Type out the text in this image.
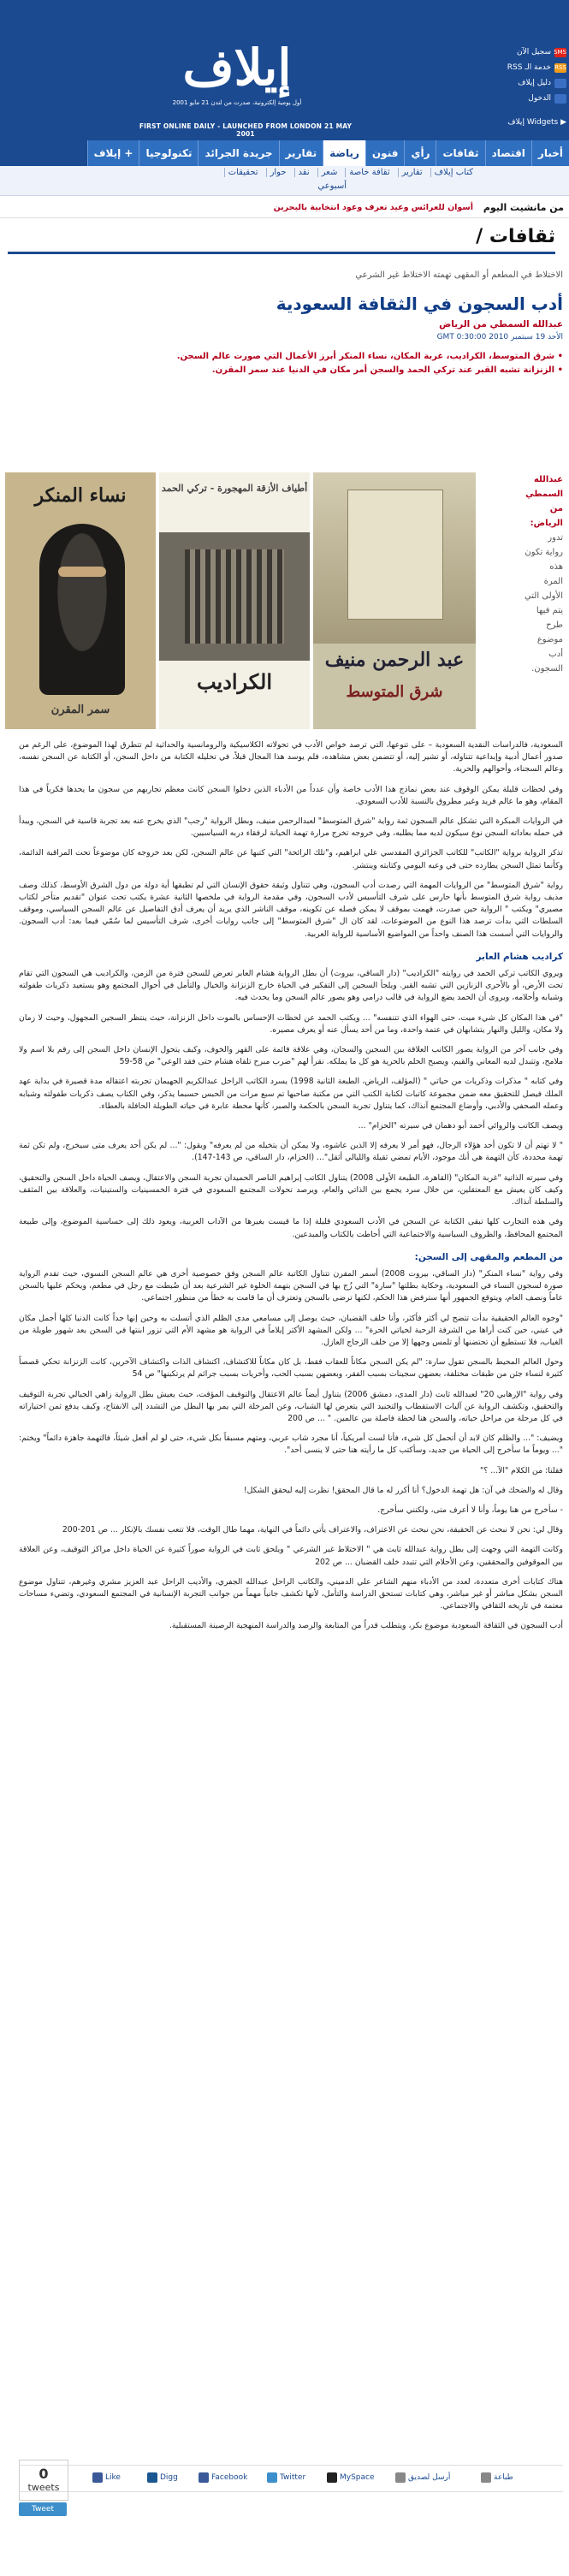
SMS
سجيل الآن
RSS
خدمة الـ RSS
دليل إيلاف
الدخول
إيلاف
أول يومية إلكترونية، صدرت من لندن 21 مايو 2001
FIRST ONLINE DAILY - LAUNCHED FROM LONDON 21 MAY 2001
▶ Widgets إيلاف
أخبار
اقتصاد
ثقافات
رأي
فنون
رياضة
تقارير
جريدة الجرائد
تكنولوجيا
إيلاف +
كتاب إيلاف
تقارير
ثقافة خاصة
شعر
نقد
حوار
تحقيقات
أسبوعي
من مانشيت اليوم
أسوان للعرائس وعيد تعرف وعود انتخابية بالبحرين
ثقافات /
الاختلاط في المطعم أو المقهى تهمته الاختلاط غير الشرعي
أدب السجون في الثقافة السعودية
عبدالله السمطي من الرياض
الأحد 19 سبتمبر 2010 GMT 0:30:00
• شرق المتوسط، الكراديب، غربة المكان، نساء المنكر أبرز الأعمال التي صورت عالم السجن.
• الزنزانة تشبه القبر عند تركي الحمد والسجن أمر مكان في الدنيا عند سمر المقرن.
عبد الرحمن منيف
شرق المتوسط
أطياف الأزقة المهجورة - تركي الحمد
الكراديب
نساء المنكر
سمر المقرن
عبدالله
السمطي
من
الرياض:
تدور
رواية تكون
هذه
المرة
الأولى التي
يتم فيها
طرح
موضوع
أدب
السجون.

السعودية، فالدراسات النقدية السعودية – على تنوعها، التي ترصد خواص الأدب في تحولاته الكلاسيكية والرومانسية والحداثية لم تتطرق لهذا الموضوع، على الرغم من صدور أعمال أدبية وإبداعية تتناوله، أو تشير إليه، أو تتضمن بعض مشاهده، فلم يوسد هذا المجال قبلاً، في تحليله الكتابة من داخل السجن، أو الكتابة عن السجن نفسه، وعالم السجناء، وأحوالهم والحرية.

وفي لحظات قليلة يمكن الوقوف عند بعض نماذج هذا الأدب خاصة وأن عدداً من الأدباء الذين دخلوا السجن كانت معظم تجاربهم من سجون ما يحدها فكرياً في هذا المقام، وهو ما عالم فريد وغير مطروق بالنسبة للأدب السعودي.

في الروايات المبكرة التي تشكل عالم السجون ثمة رواية "شرق المتوسط" لعبدالرحمن منيف، وبطل الرواية "رجب" الذي يخرج عنه بعد تجربة قاسية في السجن، ويبدأ في حمله بعاداته السجن نوع سيكون لديه مما يطلبه، وفي خروجه تخرج مرارة تهمة الخيانة لرفقاء دربه السياسيين.

تذكر الرواية برواية "الكاتب" للكاتب الجزائري المقدسي علي ابراهيم، و"تلك الرائحة" التي كتبها عن عالم السجن، لكن بعد خروجه كان موضوعاً تحت المراقبة الدائمة، وكأنما تمثل السجن يطارده حتى في وعيه اليومي وكتابته وينتشر.

رواية "شرق المتوسط" من الروايات المهمة التي رصدت أدب السجون، وهي تتناول وثيقة حقوق الإنسان التي لم تطبقها أية دولة من دول الشرق الأوسط، كذلك وصف مذيف رواية شرق المتوسط بأنها حارس على شرف التأسيس لأدب السجون، وفي مقدمة الرواية في ملخصها الثانية عشرة يكتب تحت عنوان "تقديم متأخر لكتاب مصيري" ويكتب " الرواية حين صدرت، فهمت بموقف لا يمكن فصله عن تكوينه، موقف الناشر الذي يريد أن يعرف أدق التفاصيل عن عالم السجن السياسي، وموقف السلطات التي بدأت ترصد هذا النوع من الموضوعات، لقد كان ال "شرق المتوسط" إلى جانب روايات أخرى، شرف التأسيس لما سُمّي فيما بعد: أدب السجون. والروايات التي أسست هذا الصنف واحداً من المواضيع الأساسية للرواية العربية.

كراديب هشام العابر

ويروي الكاتب تركي الحمد في روايته "الكراديب" (دار الساقي، بيروت) أن بطل الرواية هشام العابر تعرض للسجن فترة من الزمن، والكراديب هي السجون التي تقام تحت الأرض، أو بالأحرى الزنازين التي تشبه القبر. ويلجأ السجين إلى التفكير في الحياة خارج الزنزانة والخيال والتأمل في أحوال المجتمع وهو يستعيد ذكريات طفولته وشبابه وأحلامه، ويروى أن الحمد يضع الرواية في قالب درامي وهو يصور عالم السجن وما يحدث فيه.

"في هذا المكان كل شيء ميت، حتى الهواء الذي تتنفسه" ... ويكتب الحمد عن لحظات الإحساس بالموت داخل الزنزانة، حيث ينتظر السجين المجهول، وحيث لا زمان ولا مكان، والليل والنهار يتشابهان في عتمة واحدة، وما من أحد يسأل عنه أو يعرف مصيره.

وفي جانب آخر من الرواية يصور الكاتب العلاقة بين السجين والسجان، وهي علاقة قائمة على القهر والخوف، وكيف يتحول الإنسان داخل السجن إلى رقم بلا اسم ولا ملامح، وتتبدل لديه المعاني والقيم، ويصبح الحلم بالحرية هو كل ما يملكه. نقرأ لهم "ضرب مبرح تلقاه هشام حتى فقد الوعي" ص 58-59

وفي كتابه " مذكرات وذكريات من حياتي " (المؤلف، الرياض، الطبعة الثانية 1998) يسرد الكاتب الراحل عبدالكريم الجهيمان تجربته اعتقاله مدة قصيرة في بداية عهد الملك فيصل للتحقيق معه ضمن مجموعة كاتبات لكتابة الكتب التي من مكتبة صاحبها تم سبع مرات من الحبس حسبما يذكر، وفي الكتاب يصف ذكريات طفولته وشبابه وعمله الصحفي والأدبي، وأوضاع المجتمع آنذاك، كما يتناول تجربة السجن بالحكمة والصبر، كأنها محطة عابرة في حياته الطويلة الحافلة بالعطاء.

ويصف الكاتب والروائي أحمد أبو دهمان في سيرته "الحزام" ...

" لا تهتم أن لا تكون أحد هؤلاء الرجال، فهو أمر لا يعرفه إلا الذين عاشوه، ولا يمكن أن يتخيله من لم يعرفه" ويقول: "... لم يكن أحد يعرف متى سيخرج، ولم تكن ثمة تهمة محددة، كأن التهمة هي أنك موجود، الأيام تمضي ثقيلة والليالي أثقل"... (الحزام، دار الساقي، ص 143-147).

وفي سيرته الذاتية "غربة المكان" (القاهرة، الطبعة الأولى 2008) يتناول الكاتب إبراهيم الناصر الحميدان تجربة السجن والاعتقال، ويصف الحياة داخل السجن والتحقيق، وكيف كان يعيش مع المعتقلين، من خلال سرد يجمع بين الذاتي والعام، ويرصد تحولات المجتمع السعودي في فترة الخمسينيات والستينيات، والعلاقة بين المثقف والسلطة آنذاك.

وفي هذه التجارب كلها تبقى الكتابة عن السجن في الأدب السعودي قليلة إذا ما قيست بغيرها من الآداب العربية، ويعود ذلك إلى حساسية الموضوع، وإلى طبيعة المجتمع المحافظ، والظروف السياسية والاجتماعية التي أحاطت بالكتاب والمبدعين.

من المطعم والمقهى إلى السجن:

وفي رواية "نساء المنكر" (دار الساقي، بيروت 2008) أسمر المقرن تتناول الكاتبة عالم السجن وفق خصوصية أخرى هي عالم السجن النسوي، حيث تقدم الرواية صورة لسجون النساء في السعودية، وحكاية بطلتها "سارة" التي زُج بها في السجن بتهمة الخلوة غير الشرعية بعد أن ضُبطت مع رجل في مطعم، ويحكم عليها بالسجن عاماً ونصف العام، ويتوقع الجمهور أنها سترفض هذا الحكم، لكنها ترضى بالسجن وتعترف أن ما قامت به خطأ من منظور اجتماعي.

"وجوه العالم الحقيقية بدأت تتضح لي أكثر فأكثر، وأنا خلف القضبان، حيث يوصل إلى مسامعي مدى الظلم الذي أتسلت به وحين إنها جداً كانت الدنيا كلها أجمل مكان في عيني، حين كنت أراها من الشرفة الرحبة لحياتي الحرة" ... ولكن المشهد الأكثر إيلاماً في الرواية هو مشهد الأم التي تزور ابنتها في السجن بعد شهور طويلة من الغياب، فلا تستطيع أن تحتضنها أو تلمس وجهها إلا من خلف الزجاج العازل.

وحول العالم المحيط بالسجن تقول سارة: "لم يكن السجن مكاناً للعقاب فقط، بل كان مكاناً للاكتشاف، اكتشاف الذات واكتشاف الآخرين، كانت الزنزانة تحكي قصصاً كثيرة لنساء جئن من طبقات مختلفة، بعضهن سجينات بسبب الفقر، وبعضهن بسبب الحب، وأخريات بسبب جرائم لم يرتكبنها" ص 54

وفي رواية "الإرهابي 20" لعبدالله ثابت (دار المدى، دمشق 2006) يتناول أيضاً عالم الاعتقال والتوقيف المؤقت، حيث يعيش بطل الرواية زاهي الجبالي تجربة التوقيف والتحقيق، وتكشف الرواية عن آليات الاستقطاب والتجنيد التي يتعرض لها الشباب، وعن المرحلة التي يمر بها البطل من التشدد إلى الانفتاح، وكيف يدفع ثمن اختياراته في كل مرحلة من مراحل حياته، والسجن هنا لحظة فاصلة بين عالمين. " ... ص 200

ويضيف: "... والظلم كان لابد أن أتحمل كل شيء، فأنا لست أمريكياً، أنا مجرد شاب عربي، ومتهم مسبقاً بكل شيء، حتى لو لم أفعل شيئاً، فالتهمة جاهزة دائماً" ويختم: "... ويوماً ما سأخرج إلى الحياة من جديد، وسأكتب كل ما رأيته هنا حتى لا ينسى أحد".

فقلنا: من الكلام "الآ... ؟"

وقال له والضحك في آن: هل تهمة الدخول؟ أنا أكرر له ما قال المحقق! نظرت إليه ليحقق الشكل!

- سأخرج من هنا يوماً، وأنا لا أعرف متى، ولكنني سأخرج.

وقال لي: نحن لا نبحث عن الحقيقة، نحن نبحث عن الاعتراف، والاعتراف يأتي دائماً في النهاية، مهما طال الوقت، فلا تتعب نفسك بالإنكار ... ص 201-200

وكانت التهمة التي وجهت إلى بطل رواية عبدالله ثابت هي " الاختلاط غير الشرعي " ويلحق ثابت في الرواية صوراً كثيرة عن الحياة داخل مراكز التوقيف، وعن العلاقة بين الموقوفين والمحققين، وعن الأحلام التي تتبدد خلف القضبان ... ص 202

هناك كتابات أخرى متعددة، لعدد من الأدباء منهم الشاعر علي الدميني، والكاتب الراحل عبدالله الجفري، والأديب الراحل عبد العزيز مشري وغيرهم، تتناول موضوع السجن بشكل مباشر أو غير مباشر، وهي كتابات تستحق الدراسة والتأمل، لأنها تكشف جانباً مهماً من جوانب التجربة الإنسانية في المجتمع السعودي، وتضيء مساحات معتمة في تاريخه الثقافي والاجتماعي.

أدب السجون في الثقافة السعودية موضوع بكر، ويتطلب قدراً من المتابعة والرصد والدراسة المنهجية الرصينة المستقبلية.

0
tweets
Tweet
Like	Digg	Facebook	Twitter	MySpace	أرسل لصديق	طباعة
